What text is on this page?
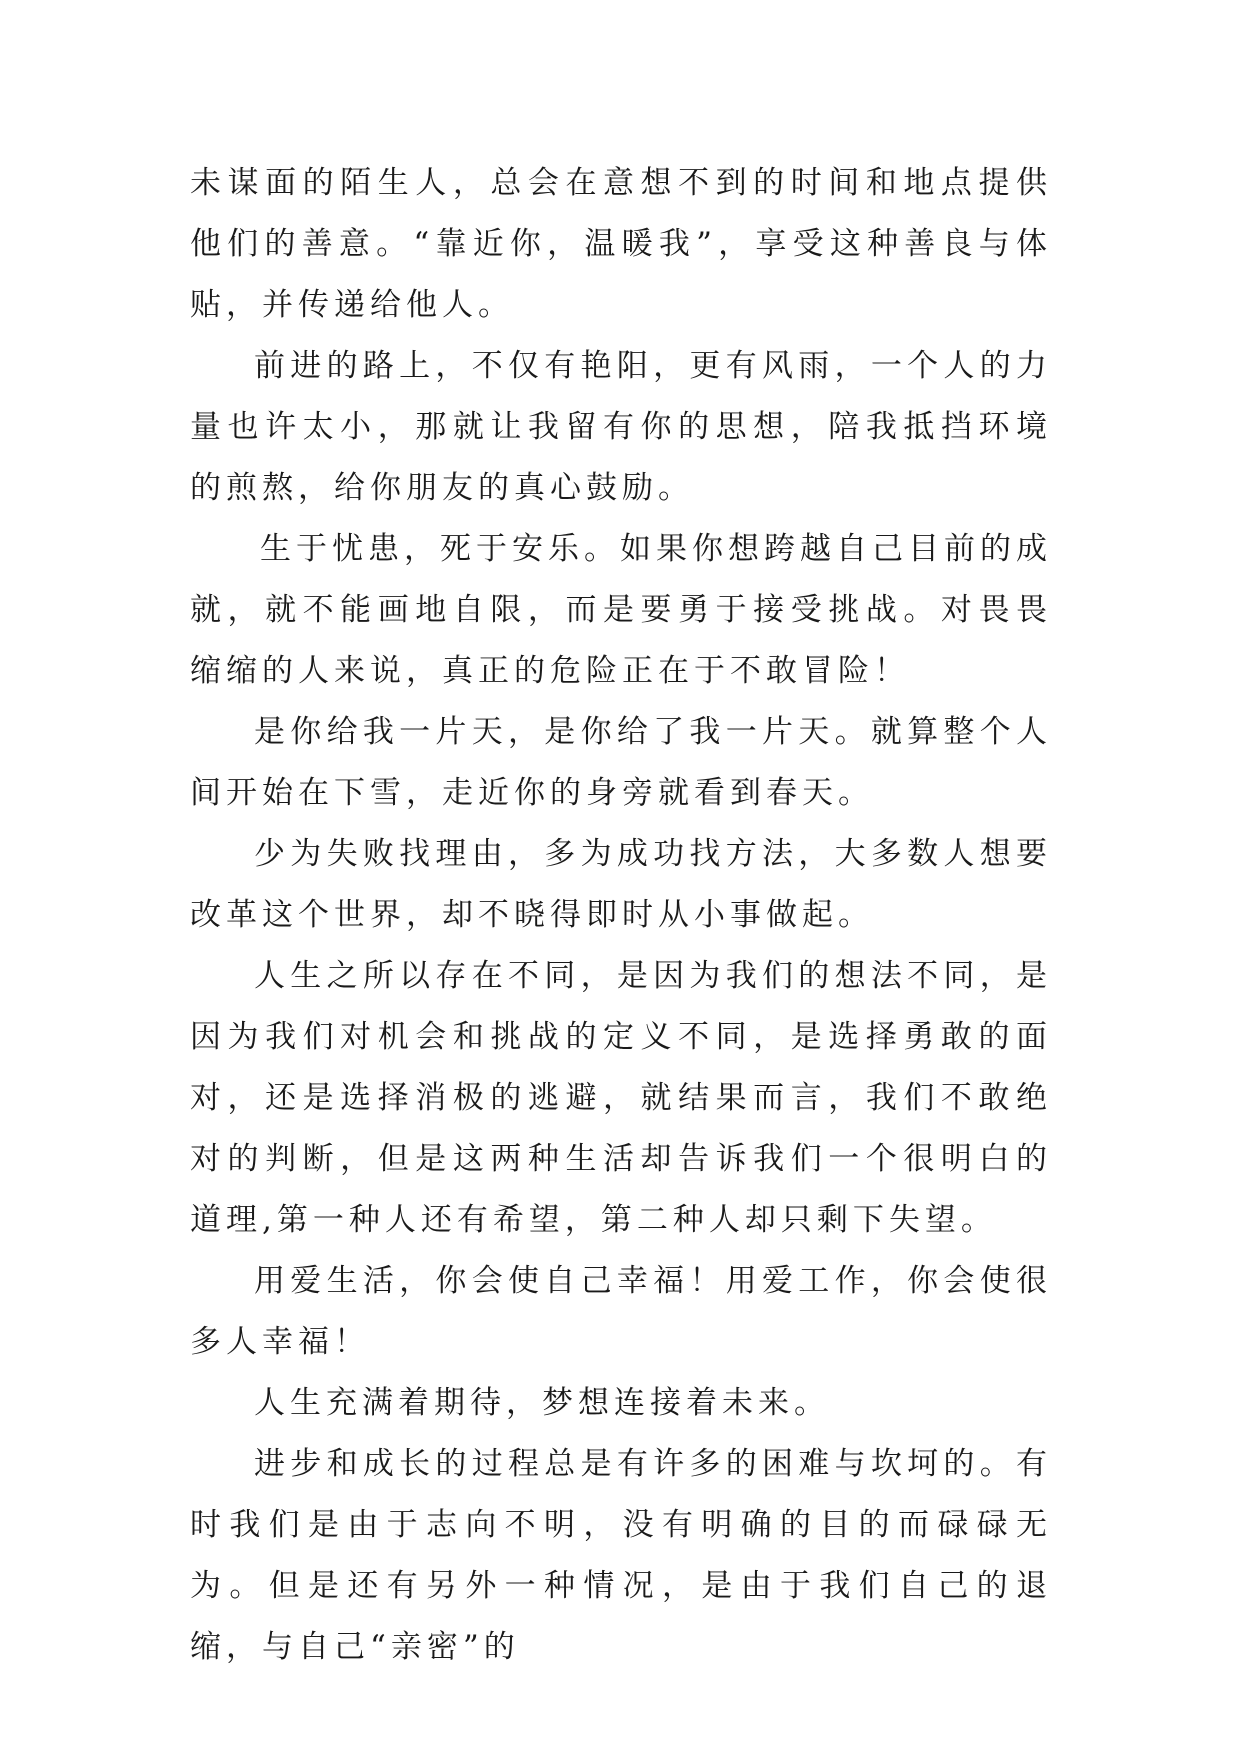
未谋面的陌生人，总会在意想不到的时间和地点提供他们的善意。“靠近你，温暖我”，享受这种善良与体贴，并传递给他人。

前进的路上，不仅有艳阳，更有风雨，一个人的力量也许太小，那就让我留有你的思想，陪我抵挡环境的煎熬，给你朋友的真心鼓励。

生于忧患，死于安乐。如果你想跨越自己目前的成就，就不能画地自限，而是要勇于接受挑战。对畏畏缩缩的人来说，真正的危险正在于不敢冒险！

是你给我一片天，是你给了我一片天。就算整个人间开始在下雪，走近你的身旁就看到春天。

少为失败找理由，多为成功找方法，大多数人想要改革这个世界，却不晓得即时从小事做起。

人生之所以存在不同，是因为我们的想法不同，是因为我们对机会和挑战的定义不同，是选择勇敢的面对，还是选择消极的逃避，就结果而言，我们不敢绝对的判断，但是这两种生活却告诉我们一个很明白的道理,第一种人还有希望，第二种人却只剩下失望。

用爱生活，你会使自己幸福！用爱工作，你会使很多人幸福！

人生充满着期待，梦想连接着未来。

进步和成长的过程总是有许多的困难与坎坷的。有时我们是由于志向不明，没有明确的目的而碌碌无为。但是还有另外一种情况，是由于我们自己的退缩，与自己“亲密”的
